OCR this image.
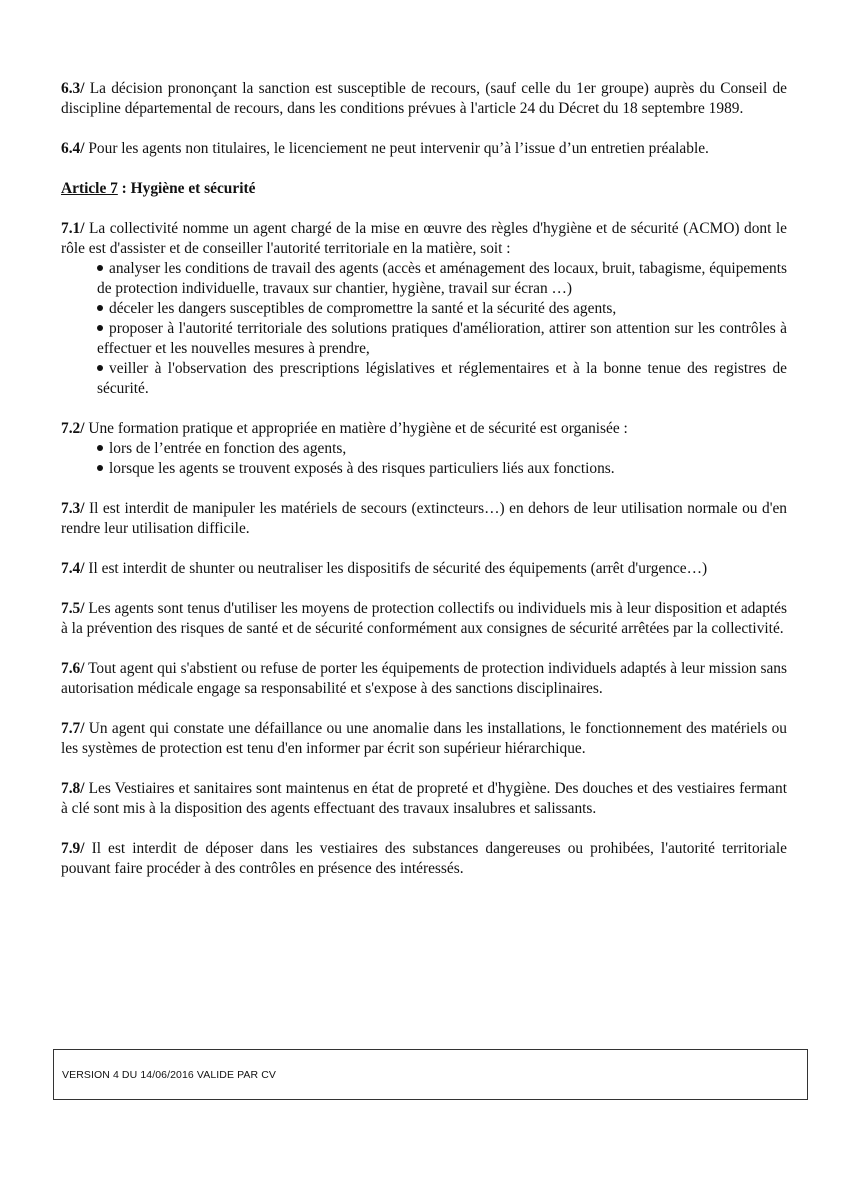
6.3/ La décision prononçant la sanction est susceptible de recours, (sauf celle du 1er groupe) auprès du Conseil de discipline départemental de recours, dans les conditions prévues à l'article 24 du Décret du 18 septembre 1989.

6.4/ Pour les agents non titulaires, le licenciement ne peut intervenir qu’à l’issue d’un entretien préalable.

Article 7 : Hygiène et sécurité

7.1/ La collectivité nomme un agent chargé de la mise en œuvre des règles d'hygiène et de sécurité (ACMO) dont le rôle est d'assister et de conseiller l'autorité territoriale en la matière, soit :
analyser les conditions de travail des agents (accès et aménagement des locaux, bruit, tabagisme, équipements de protection individuelle, travaux sur chantier, hygiène, travail sur écran …)
déceler les dangers susceptibles de compromettre la santé et la sécurité des agents,
proposer à l'autorité territoriale des solutions pratiques d'amélioration, attirer son attention sur les contrôles à effectuer et les nouvelles mesures à prendre,
veiller à l'observation des prescriptions législatives et réglementaires et à la bonne tenue des registres de sécurité.
7.2/ Une formation pratique et appropriée en matière d’hygiène et de sécurité est organisée :
lors de l’entrée en fonction des agents,
lorsque les agents se trouvent exposés à des risques particuliers liés aux fonctions.

7.3/ Il est interdit de manipuler les matériels de secours (extincteurs…) en dehors de leur utilisation normale ou d'en rendre leur utilisation difficile.

7.4/ Il est interdit de shunter ou neutraliser les dispositifs de sécurité des équipements (arrêt d'urgence…)

7.5/ Les agents sont tenus d'utiliser les moyens de protection collectifs ou individuels mis à leur disposition et adaptés à la prévention des risques de santé et de sécurité conformément aux consignes de sécurité arrêtées par la collectivité.

7.6/ Tout agent qui s'abstient ou refuse de porter les équipements de protection individuels adaptés à leur mission sans autorisation médicale engage sa responsabilité et s'expose à des sanctions disciplinaires.

7.7/ Un agent qui constate une défaillance ou une anomalie dans les installations, le fonctionnement des matériels ou les systèmes de protection est tenu d'en informer par écrit son supérieur hiérarchique.

7.8/ Les Vestiaires et sanitaires sont maintenus en état de propreté et d'hygiène. Des douches et des vestiaires fermant à clé sont mis à la disposition des agents effectuant des travaux insalubres et salissants.

7.9/ Il est interdit de déposer dans les vestiaires des substances dangereuses ou prohibées, l'autorité territoriale pouvant faire procéder à des contrôles en présence des intéressés.

VERSION 4 DU 14/06/2016 VALIDE PAR CV
